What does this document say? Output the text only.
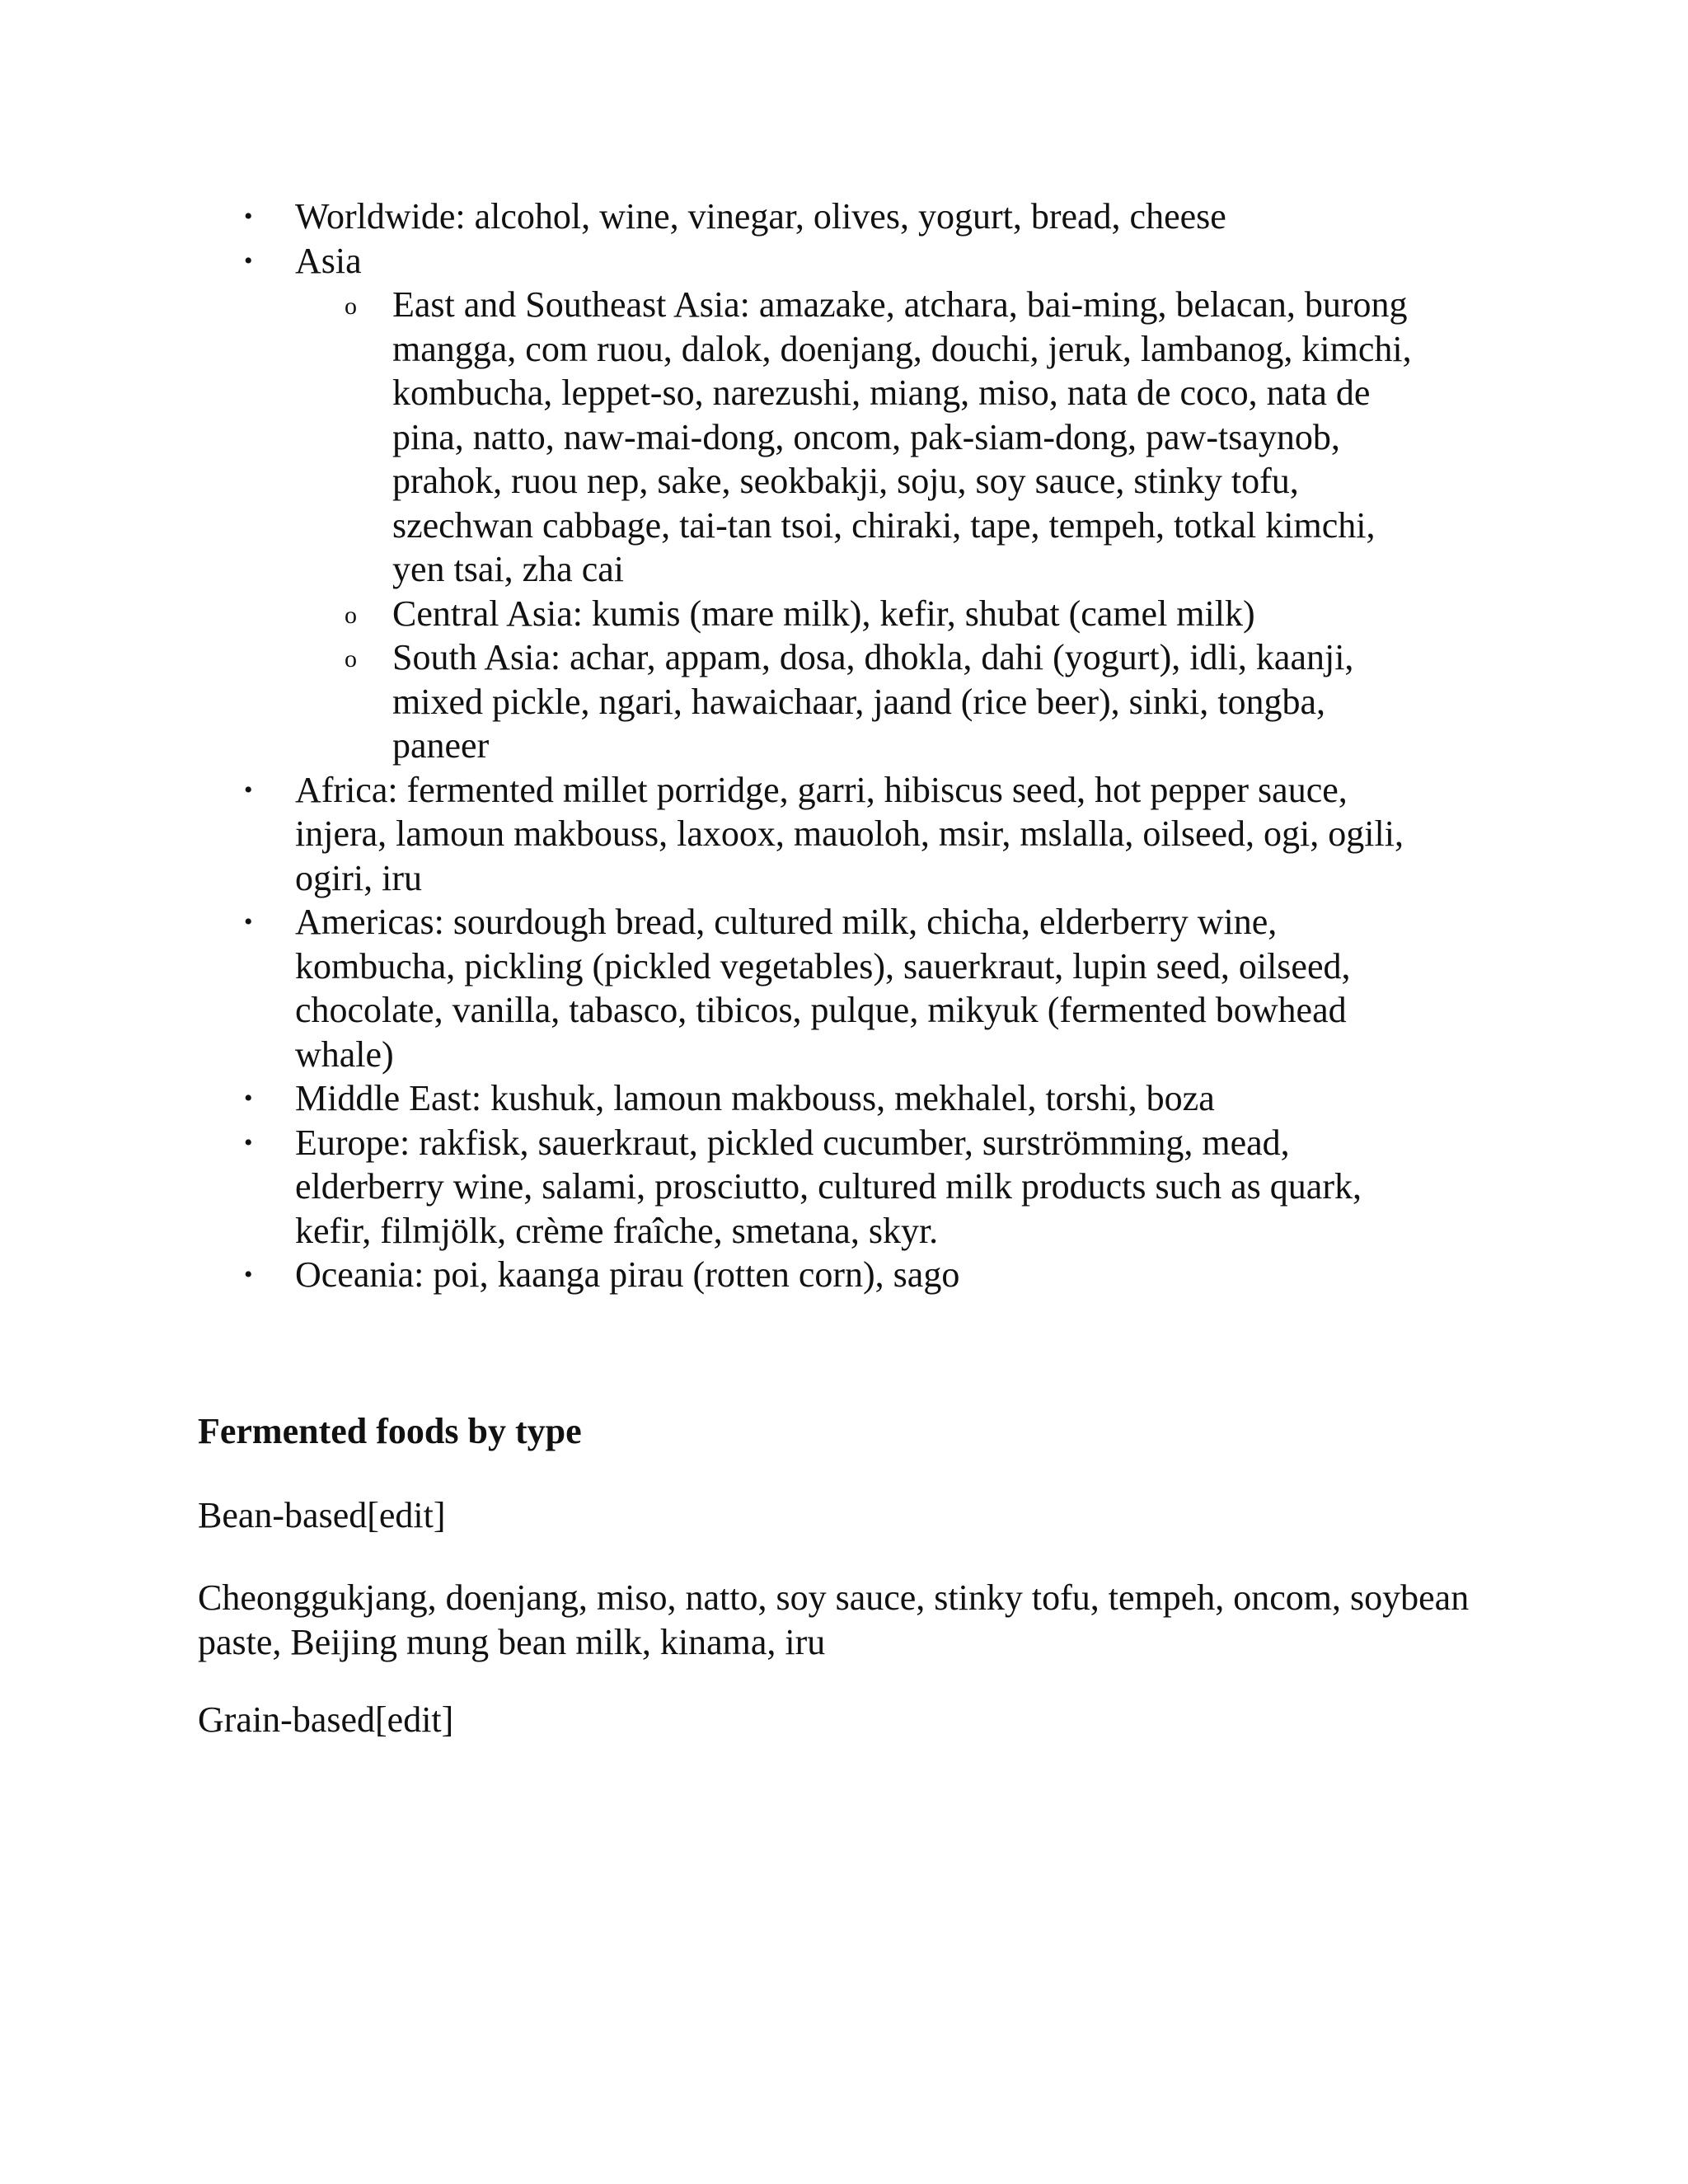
• Worldwide: alcohol, wine, vinegar, olives, yogurt, bread, cheese
• Asia
o East and Southeast Asia: amazake, atchara, bai-ming, belacan, burong mangga, com ruou, dalok, doenjang, douchi, jeruk, lambanog, kimchi, kombucha, leppet-so, narezushi, miang, miso, nata de coco, nata de pina, natto, naw-mai-dong, oncom, pak-siam-dong, paw-tsaynob, prahok, ruou nep, sake, seokbakji, soju, soy sauce, stinky tofu, szechwan cabbage, tai-tan tsoi, chiraki, tape, tempeh, totkal kimchi, yen tsai, zha cai
o Central Asia: kumis (mare milk), kefir, shubat (camel milk)
o South Asia: achar, appam, dosa, dhokla, dahi (yogurt), idli, kaanji, mixed pickle, ngari, hawaichaar, jaand (rice beer), sinki, tongba, paneer
• Africa: fermented millet porridge, garri, hibiscus seed, hot pepper sauce, injera, lamoun makbouss, laxoox, mauoloh, msir, mslalla, oilseed, ogi, ogili, ogiri, iru
• Americas: sourdough bread, cultured milk, chicha, elderberry wine, kombucha, pickling (pickled vegetables), sauerkraut, lupin seed, oilseed, chocolate, vanilla, tabasco, tibicos, pulque, mikyuk (fermented bowhead whale)
• Middle East: kushuk, lamoun makbouss, mekhalel, torshi, boza
• Europe: rakfisk, sauerkraut, pickled cucumber, surströmming, mead, elderberry wine, salami, prosciutto, cultured milk products such as quark, kefir, filmjölk, crème fraîche, smetana, skyr.
• Oceania: poi, kaanga pirau (rotten corn), sago
Fermented foods by type
Bean-based[edit]
Cheonggukjang, doenjang, miso, natto, soy sauce, stinky tofu, tempeh, oncom, soybean paste, Beijing mung bean milk, kinama, iru
Grain-based[edit]
